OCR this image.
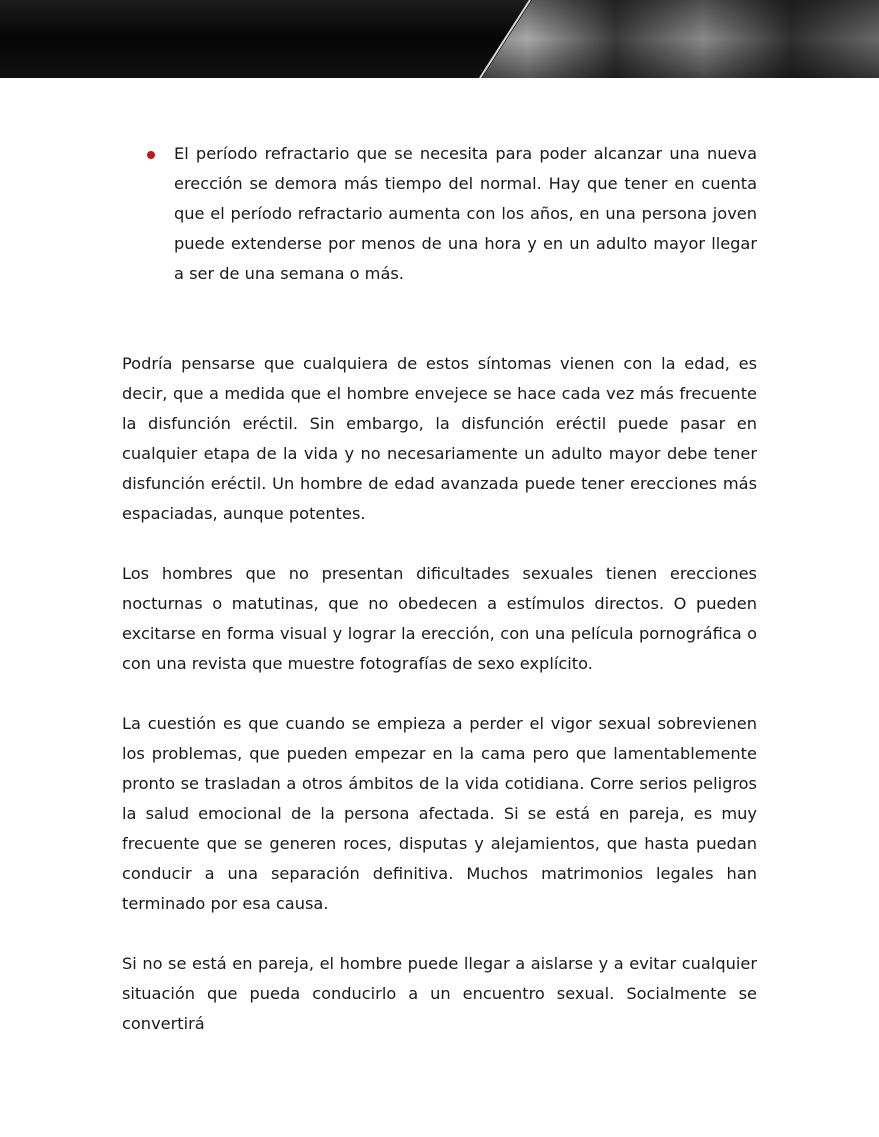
El período refractario que se necesita para poder alcanzar una nueva erección se demora más tiempo del normal. Hay que tener en cuenta que el período refractario aumenta con los años, en una persona joven puede extenderse por menos de una hora y en un adulto mayor llegar a ser de una semana o más.

Podría pensarse que cualquiera de estos síntomas vienen con la edad, es decir, que a medida que el hombre envejece se hace cada vez más frecuente la disfunción eréctil. Sin embargo, la disfunción eréctil puede pasar en cualquier etapa de la vida y no necesariamente un adulto mayor debe tener disfunción eréctil. Un hombre de edad avanzada puede tener erecciones más espaciadas, aunque potentes.

Los hombres que no presentan dificultades sexuales tienen erecciones nocturnas o matutinas, que no obedecen a estímulos directos. O pueden excitarse en forma visual y lograr la erección, con una película pornográfica o con una revista que muestre fotografías de sexo explícito.

La cuestión es que cuando se empieza a perder el vigor sexual sobrevienen los problemas, que pueden empezar en la cama pero que lamentablemente pronto se trasladan a otros ámbitos de la vida cotidiana. Corre serios peligros la salud emocional de la persona afectada. Si se está en pareja, es muy frecuente que se generen roces, disputas y alejamientos, que hasta puedan conducir a una separación definitiva. Muchos matrimonios legales han terminado por esa causa.

Si no se está en pareja, el hombre puede llegar a aislarse y a evitar cualquier situación que pueda conducirlo a un encuentro sexual. Socialmente se convertirá
